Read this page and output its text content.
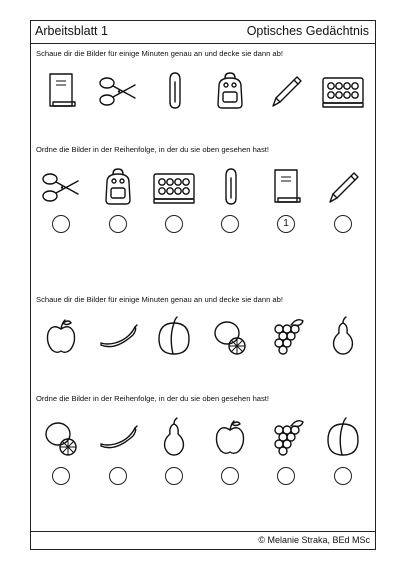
Arbeitsblatt 1	Optisches Gedächtnis
Schaue dir die Bilder für einige Minuten genau an und decke sie dann ab!
Ordne die Bilder in der Reihenfolge, in der du sie oben gesehen hast!
1
Schaue dir die Bilder für einige Minuten genau an und decke sie dann ab!
Ordne die Bilder in der Reihenfolge, in der du sie oben gesehen hast!
© Melanie Straka, BEd MSc
